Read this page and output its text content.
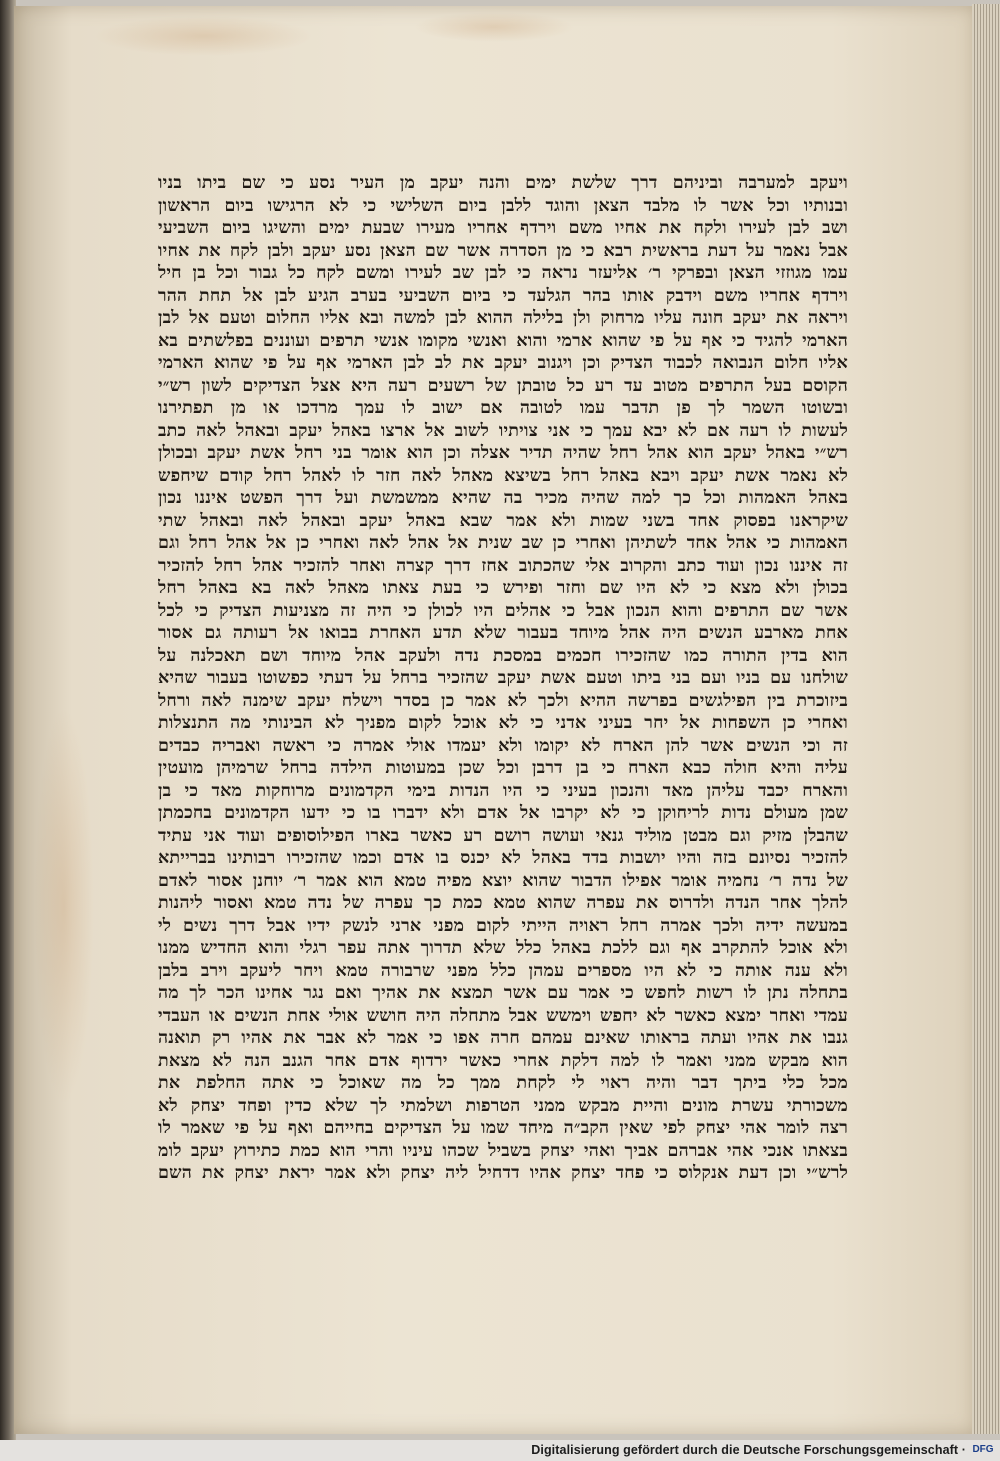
ויעקב למערבה וביניהם דרך שלשת ימים והנה יעקב מן העיר נסע כי שם ביתו בניו
ובנותיו וכל אשר לו מלבד הצאן והוגד ללבן ביום השלישי כי לא הרגישו ביום הראשון
ושב לבן לעירו ולקח את אחיו משם וירדף אחריו מעירו שבעת ימים והשיגו ביום השביעי
אבל נאמר על דעת בראשית רבא כי מן הסדרה אשר שם הצאן נסע יעקב ולבן לקח את אחיו
עמו מגוזזי הצאן ובפרקי ר׳ אליעזר נראה כי לבן שב לעירו ומשם לקח כל גבור וכל בן חיל
וירדף אחריו משם וידבק אותו בהר הגלעד כי ביום השביעי בערב הגיע לבן אל תחת ההר
ויראה את יעקב חונה עליו מרחוק ולן בלילה ההוא לבן למשה ובא אליו החלום וטעם אל לבן
הארמי להגיד כי אף על פי שהוא ארמי והוא ואנשי מקומו אנשי תרפים ועוננים בפלשתים בא
אליו חלום הנבואה לכבוד הצדיק וכן ויגנוב יעקב את לב לבן הארמי אף על פי שהוא הארמי
הקוסם בעל התרפים מטוב עד רע כל טובתן של רשעים רעה היא אצל הצדיקים לשון רש״י
ובשוטו השמר לך פן תדבר עמו לטובה אם ישוב לו עמך מרדכו או מן תפתירנו
לעשות לו רעה אם לא יבא עמך כי אני צויתיו לשוב אל ארצו באהל יעקב ובאהל לאה כתב
רש״י באהל יעקב הוא אהל רחל שהיה תדיר אצלה וכן הוא אומר בני רחל אשת יעקב ובכולן
לא נאמר אשת יעקב ויבא באהל רחל בשיצא מאהל לאה חזר לו לאהל רחל קודם שיחפש
באהל האמהות וכל כך למה שהיה מכיר בה שהיא ממשמשת ועל דרך הפשט איננו נכון
שיקראנו בפסוק אחד בשני שמות ולא אמר שבא באהל יעקב ובאהל לאה ובאהל שתי
האמהות כי אהל אחד לשתיהן ואחרי כן שב שנית אל אהל לאה ואחרי כן אל אהל רחל וגם
זה איננו נכון ועוד כתב והקרוב אלי שהכתוב אחז דרך קצרה ואחר להזכיר אהל רחל להזכיר
בכולן ולא מצא כי לא היו שם וחזר ופירש כי בעת צאתו מאהל לאה בא באהל רחל
אשר שם התרפים והוא הנכון אבל כי אהלים היו לכולן כי היה זה מצניעות הצדיק כי לכל
אחת מארבע הנשים היה אהל מיוחד בעבור שלא תדע האחרת בבואו אל רעותה גם אסור
הוא בדין התורה כמו שהזכירו חכמים במסכת נדה ולעקב אהל מיוחד ושם תאכלנה על
שולחנו עם בניו ועם בני ביתו וטעם אשת יעקב שהזכיר ברחל על דעתי כפשוטו בעבור שהיא
ביזוכרת בין הפילגשים בפרשה ההיא ולכך לא אמר כן בסדר וישלח יעקב שימנה לאה ורחל
ואחרי כן השפחות אל יחר בעיני אדני כי לא אוכל לקום מפניך לא הבינותי מה התנצלות
זה וכי הנשים אשר להן הארח לא יקומו ולא יעמדו אולי אמרה כי ראשה ואבריה כבדים
עליה והיא חולה כבא הארח כי בן דרבן וכל שכן במעוטות הילדה ברחל שרמיהן מועטין
והארח יכבד עליהן מאד והנכון בעיני כי היו הנדות בימי הקדמונים מרוחקות מאד כי בן
שמן מעולם נדות לריחוקן כי לא יקרבו אל אדם ולא ידברו בו כי ידעו הקדמונים בחכמתן
שהבלן מזיק וגם מבטן מוליד גנאי ועושה רושם רע כאשר בארו הפילוסופים ועוד אני עתיד
להזכיר נסיונם בזה והיו יושבות בדד באהל לא יכנס בו אדם וכמו שהזכירו רבותינו בברייתא
של נדה ר׳ נחמיה אומר אפילו הדבור שהוא יוצא מפיה טמא הוא אמר ר׳ יוחנן אסור לאדם
להלך אחר הנדה ולדרוס את עפרה שהוא טמא כמת כך עפרה של נדה טמא ואסור ליהנות
במעשה ידיה ולכך אמרה רחל ראויה הייתי לקום מפני ארני לנשק ידיו אבל דרך נשים לי
ולא אוכל להתקרב אף וגם ללכת באהל כלל שלא תדרוך אתה עפר רגלי והוא החדיש ממנו
ולא ענה אותה כי לא היו מספרים עמהן כלל מפני שרבורה טמא ויחר ליעקב וירב בלבן
בתחלה נתן לו רשות לחפש כי אמר עם אשר תמצא את אהיך ואם נגר אחינו הכר לך מה
עמדי ואחר ימצא כאשר לא יחפש וימשש אבל מתחלה היה חושש אולי אחת הנשים או העבדי
גנבו את אהיו ועתה בראותו שאינם עמהם חרה אפו כי אמר לא אבר את אהיו רק תואנה
הוא מבקש ממני ואמר לו למה דלקת אחרי כאשר ירדוף אדם אחר הגנב הנה לא מצאת
מכל כלי ביתך דבר והיה ראוי לי לקחת ממך כל מה שאוכל כי אתה החלפת את
משכורתי עשרת מונים והיית מבקש ממני הטרפות ושלמתי לך שלא כדין ופחד יצחק לא
רצה לומר אהי יצחק לפי שאין הקב״ה מיחד שמו על הצדיקים בחייהם ואף על פי שאמר לו
בצאתו אנכי אהי אברהם אביך ואהי יצחק בשביל שכהו עיניו והרי הוא כמת כתירוץ יעקב לומ
לרש״י וכן דעת אנקלוס כי פחד יצחק אהיו דדחיל ליה יצחק ולא אמר יראת יצחק את השם
Digitalisierung gefördert durch die Deutsche Forschungsgemeinschaft · DFG
